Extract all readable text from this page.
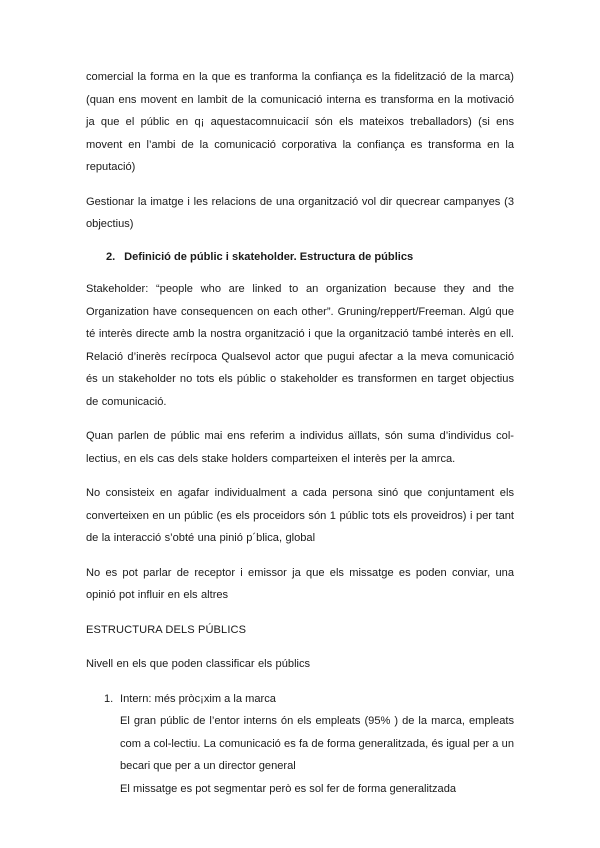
comercial la forma en la que es tranforma la confiança es la fidelització de la marca) (quan ens movent en lambit de la comunicació interna es transforma en la motivació ja que el públic en q¡ aquestacomnuicacií són els mateixos treballadors) (si ens movent en l’ambi de la comunicació corporativa la confiança es transforma en la reputació)

Gestionar la imatge i les relacions de una organització vol dir quecrear campanyes (3 objectius)

2. Definició de públic i skateholder. Estructura de públics

Stakeholder: “people who are linked to an organization because they and the Organization have consequencen on each other”. Gruning/reppert/Freeman. Algú que té interès directe amb la nostra organització i que la organització també interès en ell. Relació d’inerès recírpoca Qualsevol actor que pugui afectar a la meva comunicació és un stakeholder no tots els públic o stakeholder es transformen en target objectius de comunicació.

Quan parlen de públic mai ens referim a individus aïllats, són suma d’individus col-lectius, en els cas dels stake holders comparteixen el interès per la amrca.

No consisteix en agafar individualment a cada persona sinó que conjuntament els converteixen en un públic (es els proceidors són 1 públic tots els proveidros) i per tant de la interacció s’obté una pinió p´blica, global

No es pot parlar de receptor i emissor ja que els missatge es poden conviar, una opinió pot influir en els altres

ESTRUCTURA DELS PÚBLICS

Nivell en els que poden classificar els públics

1. Intern: més pròc¡xim a la marca

El gran públic de l’entor interns ón els empleats (95% ) de la marca, empleats com a col-lectiu. La comunicació es fa de forma generalitzada, és igual per a un becari que per a un director general

El missatge es pot segmentar però es sol fer de forma generalitzada
